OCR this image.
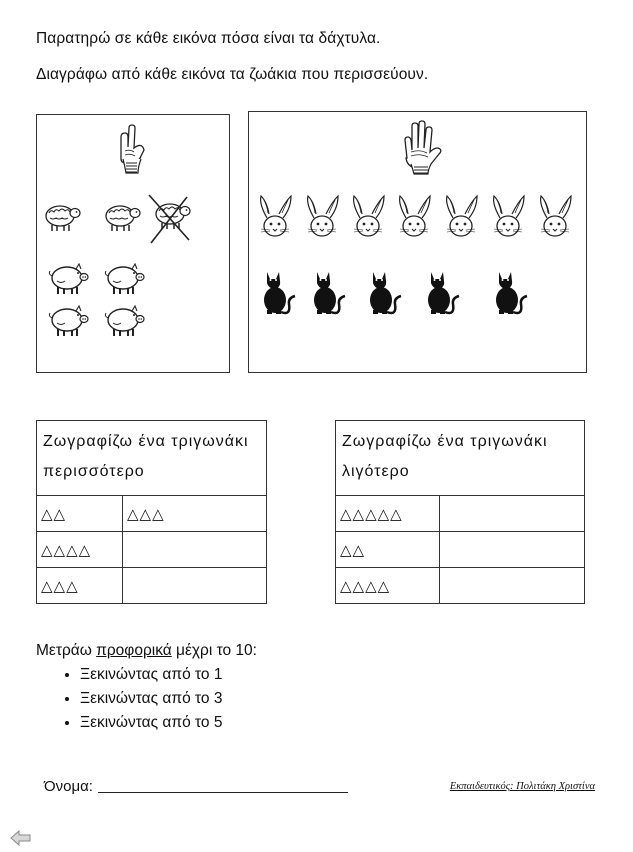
Παρατηρώ σε κάθε εικόνα πόσα είναι τα δάχτυλα.
Διαγράφω από κάθε εικόνα τα ζωάκια που περισσεύουν.
Ζωγραφίζω ένα τριγωνάκι
περισσότερο	
△△	△△△
△△△△	
△△△	
Ζωγραφίζω ένα τριγωνάκι
λιγότερο	
△△△△△	
△△	
△△△△	
Μετράω προφορικά μέχρι το 10:
• Ξεκινώντας από το 1
• Ξεκινώντας από το 3
• Ξεκινώντας από το 5
Όνομα:	Εκπαιδευτικός: Πολιτάκη Χριστίνα
